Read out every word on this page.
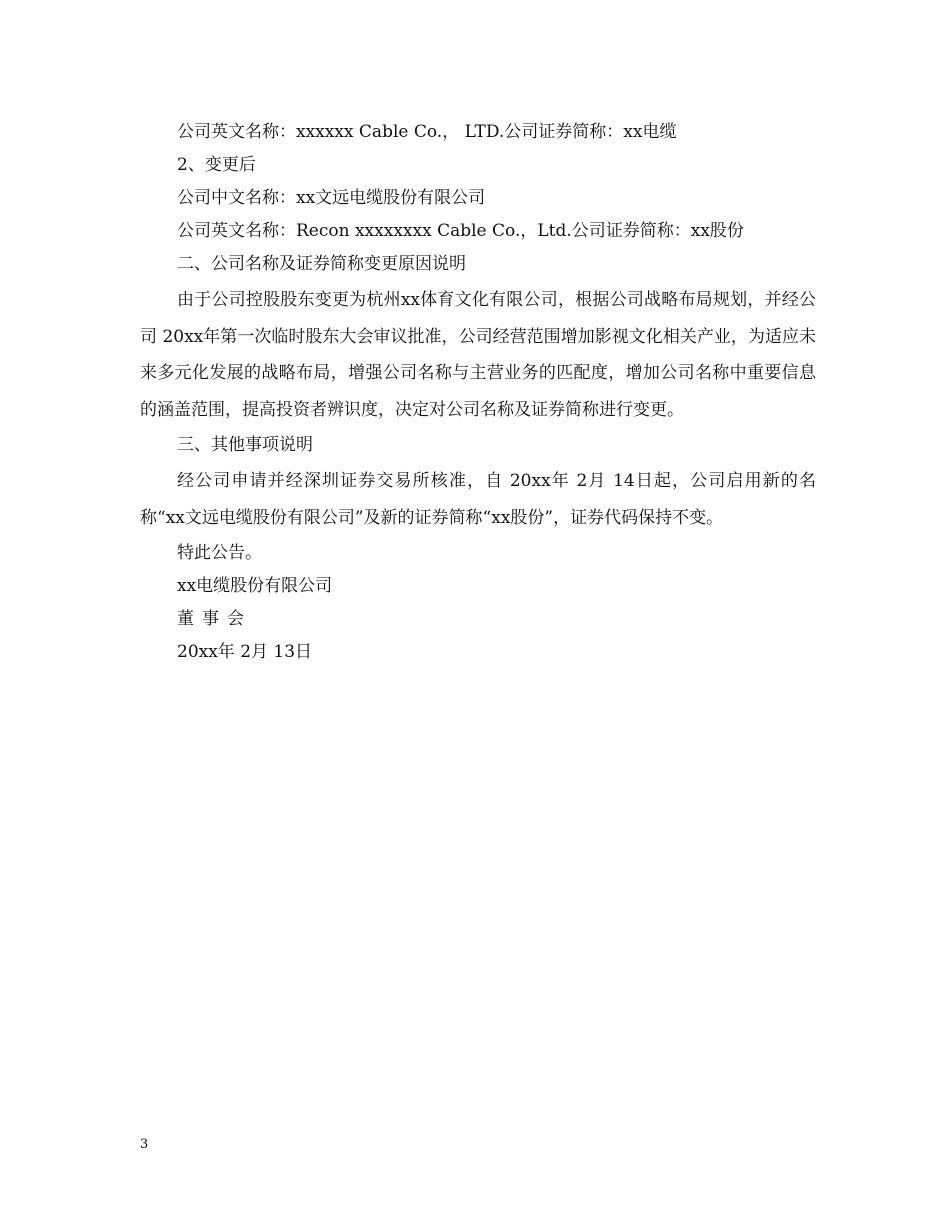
公司英文名称：xxxxxx Cable Co.， LTD.公司证券简称：xx电缆
2、变更后
公司中文名称：xx文远电缆股份有限公司
公司英文名称：Recon xxxxxxxx Cable Co.，Ltd.公司证券简称：xx股份
二、公司名称及证券简称变更原因说明

由于公司控股股东变更为杭州xx体育文化有限公司，根据公司战略布局规划，并经公司 20xx年第一次临时股东大会审议批准，公司经营范围增加影视文化相关产业，为适应未来多元化发展的战略布局，增强公司名称与主营业务的匹配度，增加公司名称中重要信息的涵盖范围，提高投资者辨识度，决定对公司名称及证券简称进行变更。

三、其他事项说明

经公司申请并经深圳证券交易所核准，自 20xx年 2月 14日起，公司启用新的名称“xx文远电缆股份有限公司”及新的证券简称“xx股份”，证券代码保持不变。

特此公告。
xx电缆股份有限公司
董事会
20xx年 2月 13日
3
